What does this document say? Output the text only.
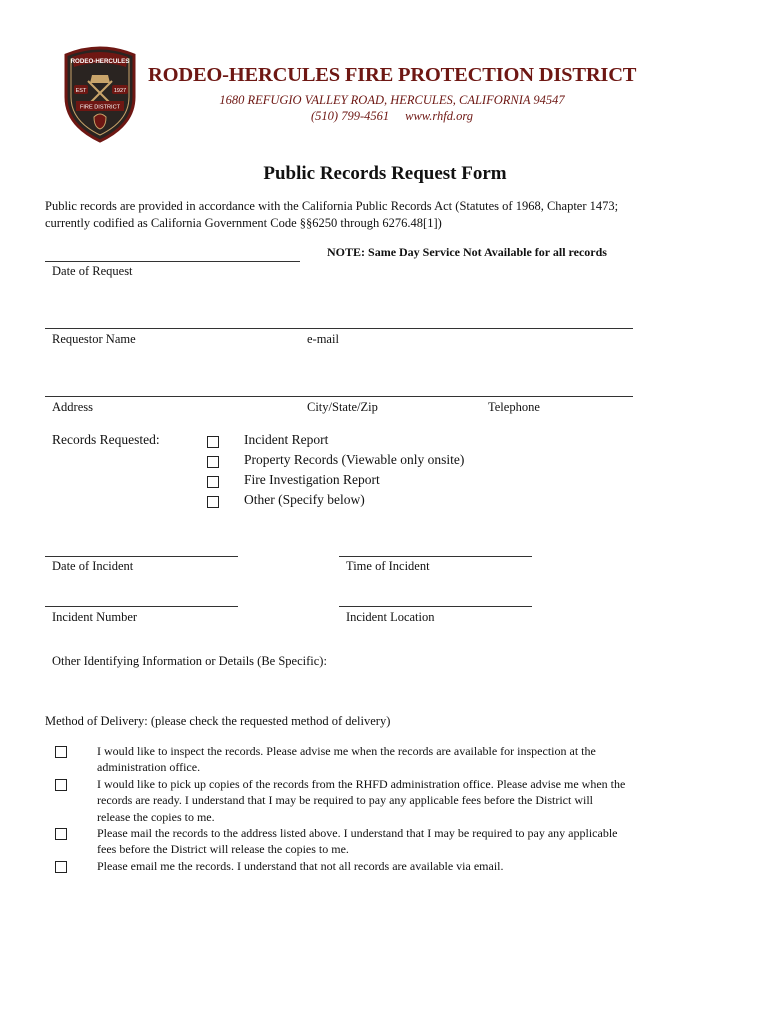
RODEO-HERCULES
EST	1927
FIRE DISTRICT
RODEO-HERCULES FIRE PROTECTION DISTRICT
1680 REFUGIO VALLEY ROAD, HERCULES, CALIFORNIA 94547
(510) 799-4561 www.rhfd.org
Public Records Request Form
Public records are provided in accordance with the California Public Records Act (Statutes of 1968, Chapter 1473; currently codified as California Government Code §§6250 through 6276.48[1])
Date of Request
NOTE: Same Day Service Not Available for all records
Requestor Name	e-mail
Address	City/State/Zip	Telephone
Records Requested:	Incident Report
Property Records (Viewable only onsite)
Fire Investigation Report
Other (Specify below)
Date of Incident	Time of Incident
Incident Number	Incident Location
Other Identifying Information or Details (Be Specific):
Method of Delivery: (please check the requested method of delivery)
I would like to inspect the records. Please advise me when the records are available for inspection at the administration office.
I would like to pick up copies of the records from the RHFD administration office. Please advise me when the records are ready. I understand that I may be required to pay any applicable fees before the District will release the copies to me.
Please mail the records to the address listed above. I understand that I may be required to pay any applicable fees before the District will release the copies to me.
Please email me the records. I understand that not all records are available via email.
